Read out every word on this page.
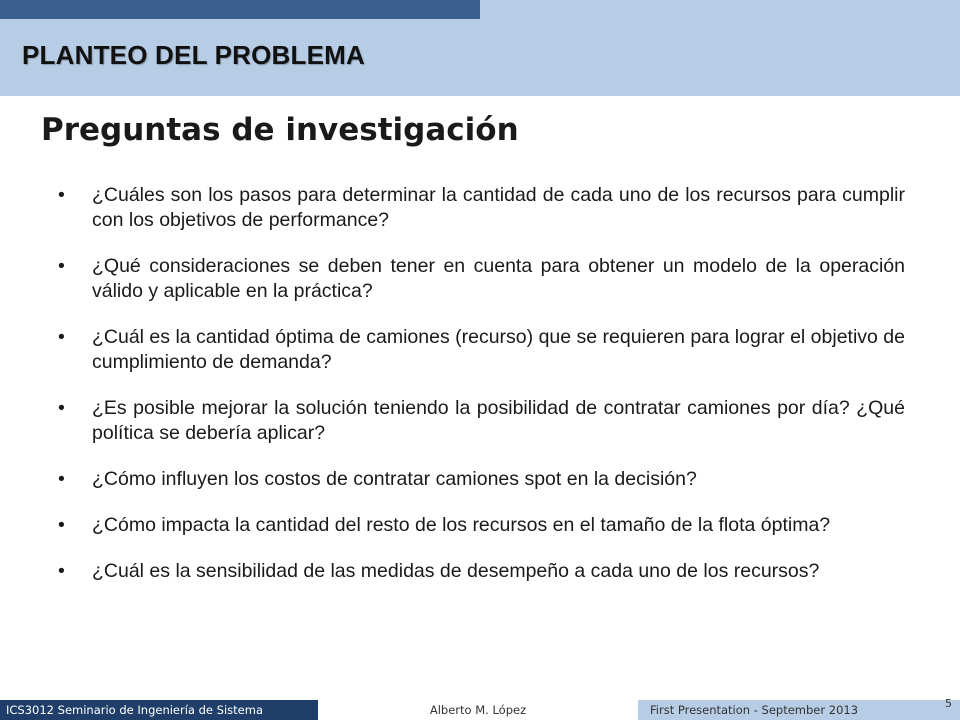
PLANTEO DEL PROBLEMA
Preguntas de investigación
• ¿Cuáles son los pasos para determinar la cantidad de cada uno de los recursos para cumplir con los objetivos de performance?
• ¿Qué consideraciones se deben tener en cuenta para obtener un modelo de la operación válido y aplicable en la práctica?
• ¿Cuál es la cantidad óptima de camiones (recurso) que se requieren para lograr el objetivo de cumplimiento de demanda?
• ¿Es posible mejorar la solución teniendo la posibilidad de contratar camiones por día? ¿Qué política se debería aplicar?
• ¿Cómo influyen los costos de contratar camiones spot en la decisión?
• ¿Cómo impacta la cantidad del resto de los recursos en el tamaño de la flota óptima?
• ¿Cuál es la sensibilidad de las medidas de desempeño a cada uno de los recursos?
ICS3012 Seminario de Ingeniería de Sistema	Alberto M. López	First Presentation - September 2013	5
